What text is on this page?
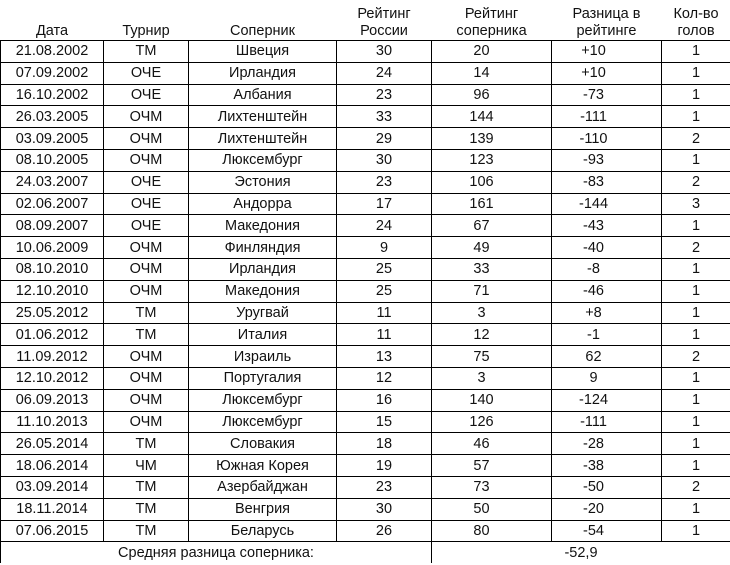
Дата	Турнир	Соперник	Рейтинг России	Рейтинг соперника	Разница в рейтинге	Кол-во голов
21.08.2002	ТМ	Швеция	30	20	+10	1
07.09.2002	ОЧЕ	Ирландия	24	14	+10	1
16.10.2002	ОЧЕ	Албания	23	96	-73	1
26.03.2005	ОЧМ	Лихтенштейн	33	144	-111	1
03.09.2005	ОЧМ	Лихтенштейн	29	139	-110	2
08.10.2005	ОЧМ	Люксембург	30	123	-93	1
24.03.2007	ОЧЕ	Эстония	23	106	-83	2
02.06.2007	ОЧЕ	Андорра	17	161	-144	3
08.09.2007	ОЧЕ	Македония	24	67	-43	1
10.06.2009	ОЧМ	Финляндия	9	49	-40	2
08.10.2010	ОЧМ	Ирландия	25	33	-8	1
12.10.2010	ОЧМ	Македония	25	71	-46	1
25.05.2012	ТМ	Уругвай	11	3	+8	1
01.06.2012	ТМ	Италия	11	12	-1	1
11.09.2012	ОЧМ	Израиль	13	75	62	2
12.10.2012	ОЧМ	Португалия	12	3	9	1
06.09.2013	ОЧМ	Люксембург	16	140	-124	1
11.10.2013	ОЧМ	Люксембург	15	126	-111	1
26.05.2014	ТМ	Словакия	18	46	-28	1
18.06.2014	ЧМ	Южная Корея	19	57	-38	1
03.09.2014	ТМ	Азербайджан	23	73	-50	2
18.11.2014	ТМ	Венгрия	30	50	-20	1
07.06.2015	ТМ	Беларусь	26	80	-54	1
Средняя разница соперника:				-52,9		
